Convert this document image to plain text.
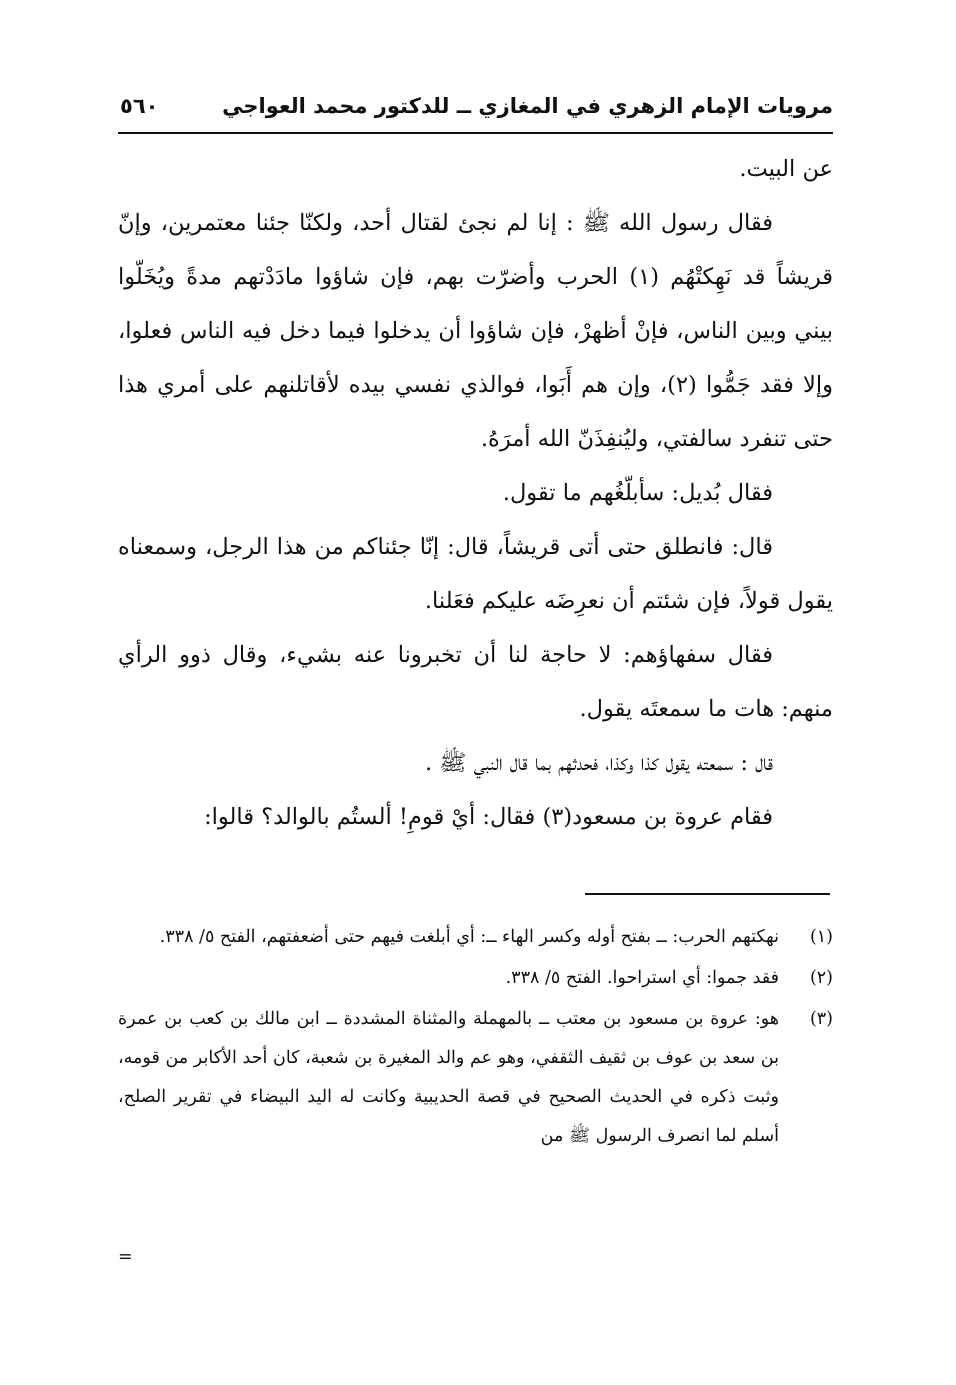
مرويات الإمام الزهري في المغازي ــ للدكتور محمد العواجي
٥٦٠

عن البيت.

فقال رسول الله ﷺ : إنا لم نجئ لقتال أحد، ولكنّا جئنا معتمرين، وإنّ قريشاً قد نَهِكتْهُم (١) الحرب وأضرّت بهم، فإن شاؤوا مادَدْتهم مدةً ويُخَلّوا بيني وبين الناس، فإنْ أظهرْ، فإن شاؤوا أن يدخلوا فيما دخل فيه الناس فعلوا، وإلا فقد جَمُّوا (٢)، وإن هم أَبَوا، فوالذي نفسي بيده لأقاتلنهم على أمري هذا حتى تنفرد سالفتي، وليُنفِذَنّ الله أمرَهُ.

فقال بُديل: سأبلّغُهم ما تقول.

قال: فانطلق حتى أتى قريشاً، قال: إنّا جئناكم من هذا الرجل، وسمعناه يقول قولاً، فإن شئتم أن نعرِضَه عليكم فعَلنا.

فقال سفهاؤهم: لا حاجة لنا أن تخبرونا عنه بشيء، وقال ذوو الرأي منهم: هات ما سمعتَه يقول.

قال : سمعته يقول كذا وكذا، فحدثهم بما قال النبي ﷺ .

فقام عروة بن مسعود(٣) فقال: أيْ قومِ! ألستُم بالوالد؟ قالوا:

(١)
نهكتهم الحرب: ــ بفتح أوله وكسر الهاء ــ: أي أبلغت فيهم حتى أضعفتهم، الفتح ٥/ ٣٣٨.
(٢)
فقد جموا: أي استراحوا. الفتح ٥/ ٣٣٨.
(٣)
هو: عروة بن مسعود بن معتب ــ بالمهملة والمثناة المشددة ــ ابن مالك بن كعب بن عمرة بن سعد بن عوف بن ثقيف الثقفي، وهو عم والد المغيرة بن شعبة، كان أحد الأكابر من قومه، وثبت ذكره في الحديث الصحيح في قصة الحديبية وكانت له اليد البيضاء في تقرير الصلح، أسلم لما انصرف الرسول ﷺ من
=
